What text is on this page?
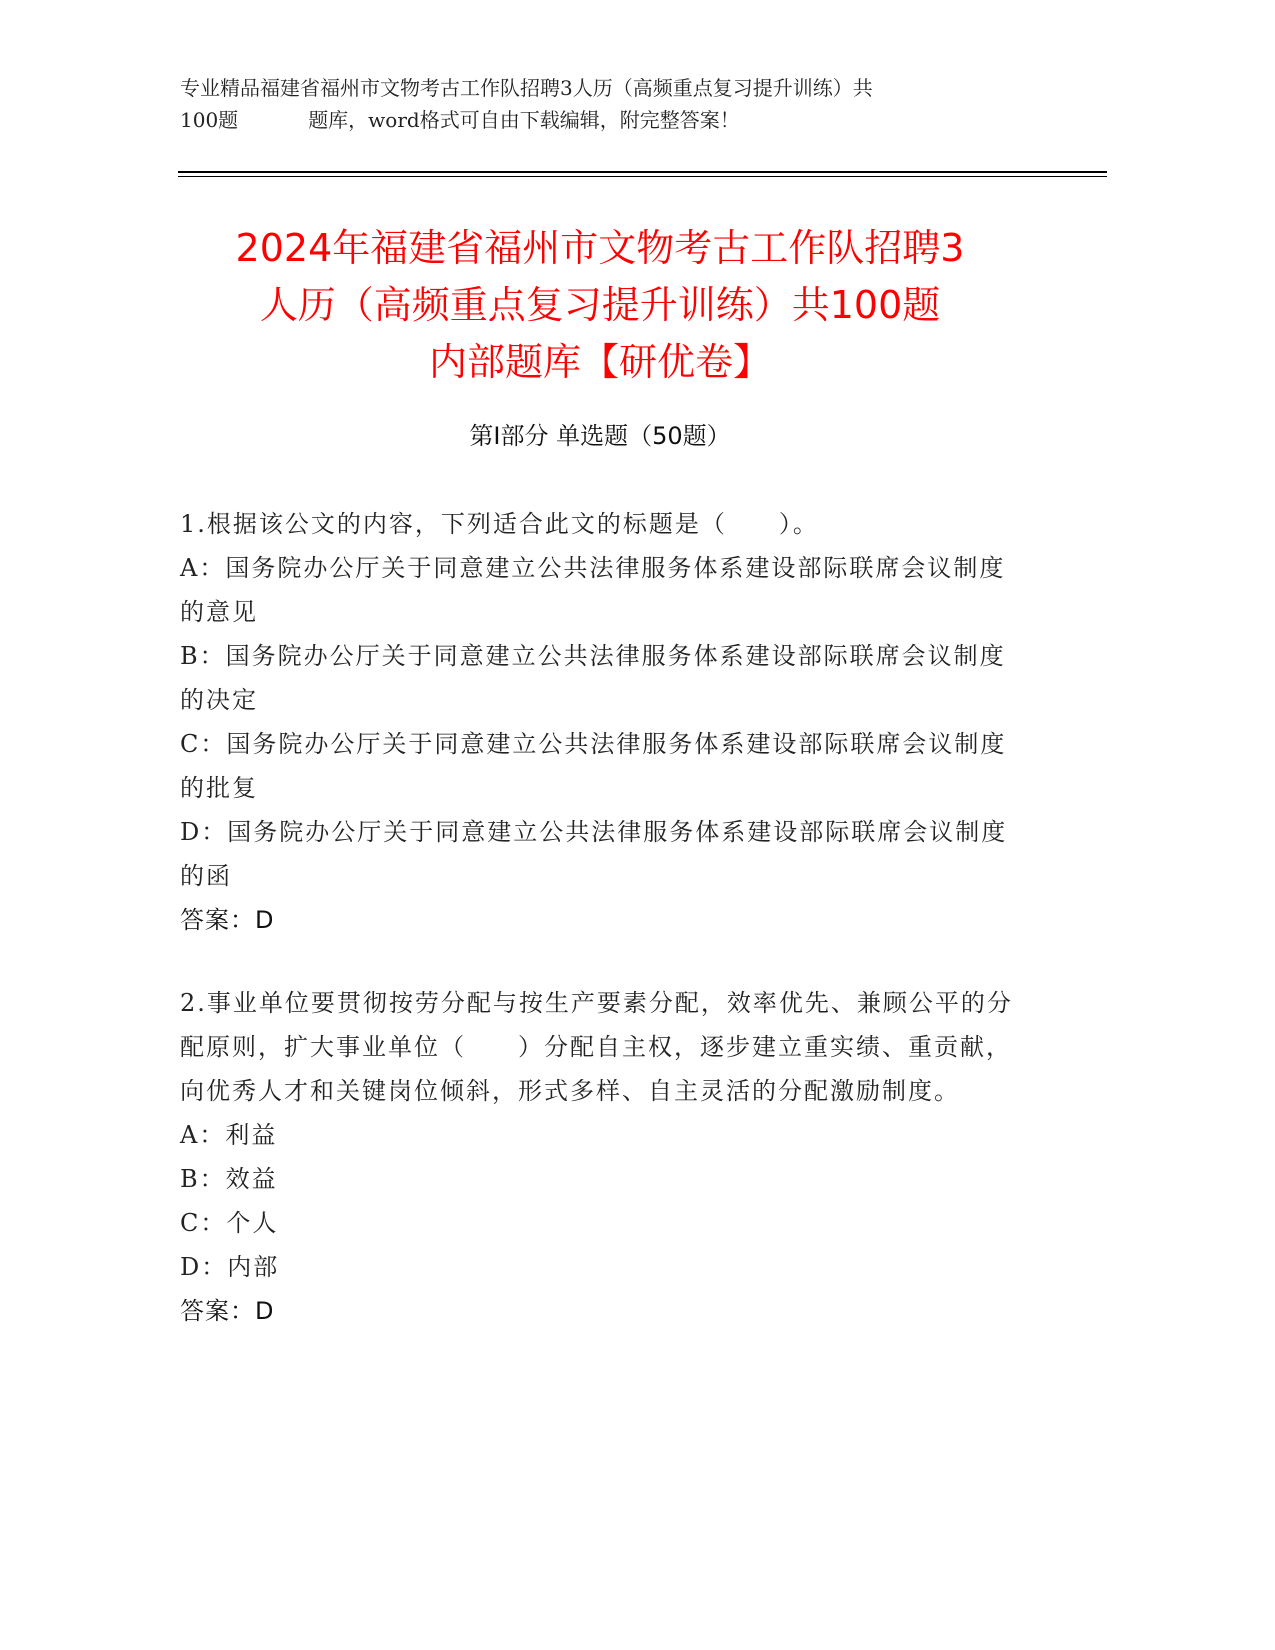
专业精品福建省福州市文物考古工作队招聘3人历（高频重点复习提升训练）共
100题	题库，word格式可自由下载编辑，附完整答案！
2024年福建省福州市文物考古工作队招聘3
人历（高频重点复习提升训练）共100题
内部题库【研优卷】
第Ⅰ部分 单选题（50题）

1.根据该公文的内容，下列适合此文的标题是（　　）。

A：国务院办公厅关于同意建立公共法律服务体系建设部际联席会议制度的意见

B：国务院办公厅关于同意建立公共法律服务体系建设部际联席会议制度的决定

C：国务院办公厅关于同意建立公共法律服务体系建设部际联席会议制度的批复

D：国务院办公厅关于同意建立公共法律服务体系建设部际联席会议制度的函

答案：D

2.事业单位要贯彻按劳分配与按生产要素分配，效率优先、兼顾公平的分配原则，扩大事业单位（　　）分配自主权，逐步建立重实绩、重贡献，向优秀人才和关键岗位倾斜，形式多样、自主灵活的分配激励制度。

A：利益

B：效益

C：个人

D：内部

答案：D
